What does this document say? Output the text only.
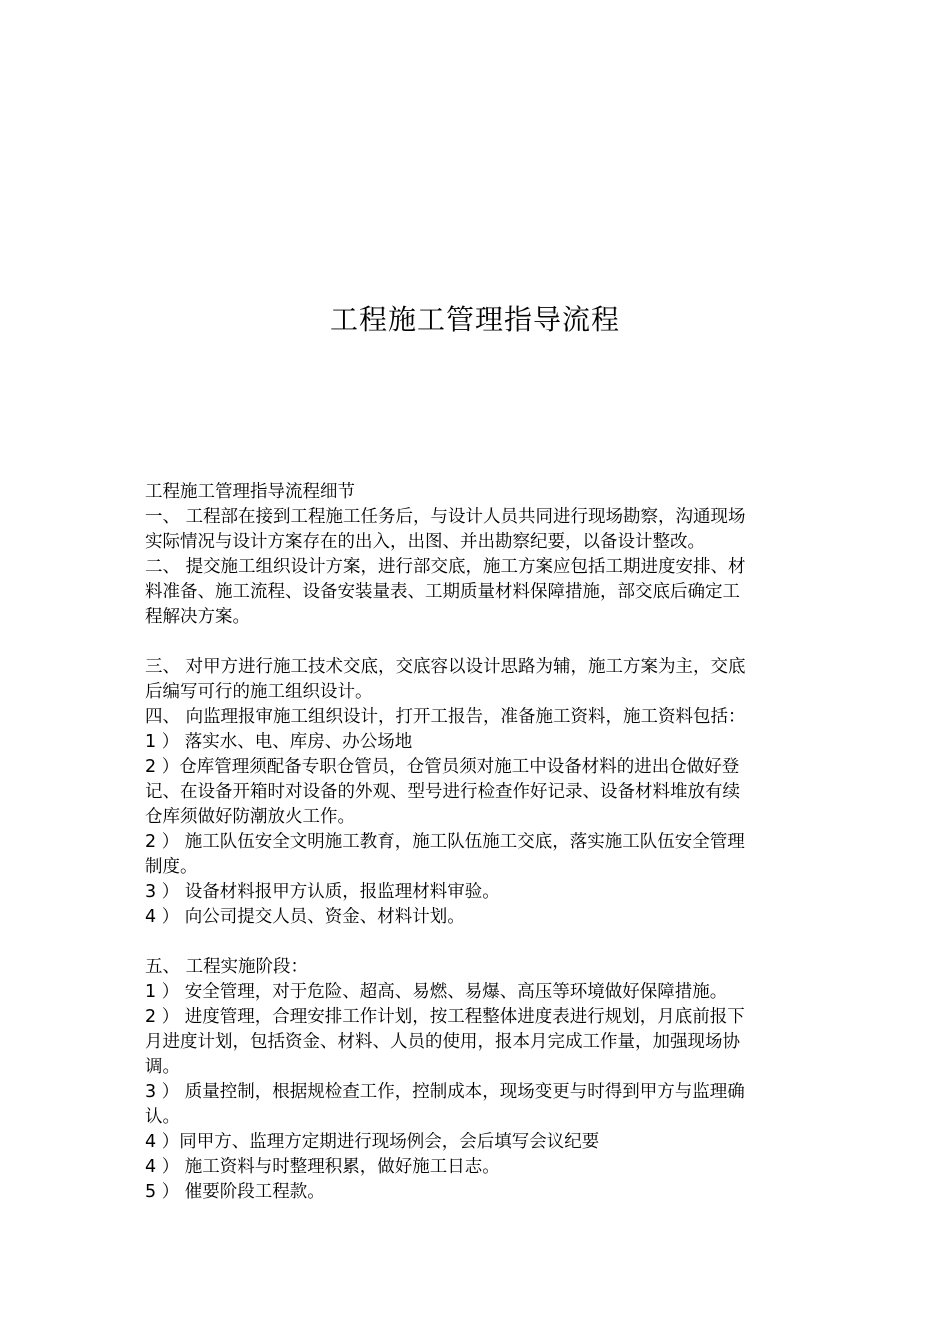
工程施工管理指导流程

工程施工管理指导流程细节

一、 工程部在接到工程施工任务后，与设计人员共同进行现场勘察，沟通现场

实际情况与设计方案存在的出入，出图、并出勘察纪要，以备设计整改。

二、 提交施工组织设计方案，进行部交底，施工方案应包括工期进度安排、材

料准备、施工流程、设备安装量表、工期质量材料保障措施，部交底后确定工

程解决方案。

三、 对甲方进行施工技术交底，交底容以设计思路为辅，施工方案为主，交底

后编写可行的施工组织设计。

四、 向监理报审施工组织设计，打开工报告，准备施工资料，施工资料包括：

1 ） 落实水、电、库房、办公场地

2 ）仓库管理须配备专职仓管员，仓管员须对施工中设备材料的进出仓做好登

记、在设备开箱时对设备的外观、型号进行检查作好记录、设备材料堆放有续

仓库须做好防潮放火工作。

2 ） 施工队伍安全文明施工教育，施工队伍施工交底，落实施工队伍安全管理

制度。

3 ） 设备材料报甲方认质，报监理材料审验。

4 ） 向公司提交人员、资金、材料计划。

五、 工程实施阶段：

1 ） 安全管理，对于危险、超高、易燃、易爆、高压等环境做好保障措施。

2 ） 进度管理，合理安排工作计划，按工程整体进度表进行规划，月底前报下

月进度计划，包括资金、材料、人员的使用，报本月完成工作量，加强现场协

调。

3 ） 质量控制，根据规检查工作，控制成本，现场变更与时得到甲方与监理确

认。

4 ）同甲方、监理方定期进行现场例会，会后填写会议纪要

4 ） 施工资料与时整理积累，做好施工日志。

5 ） 催要阶段工程款。
